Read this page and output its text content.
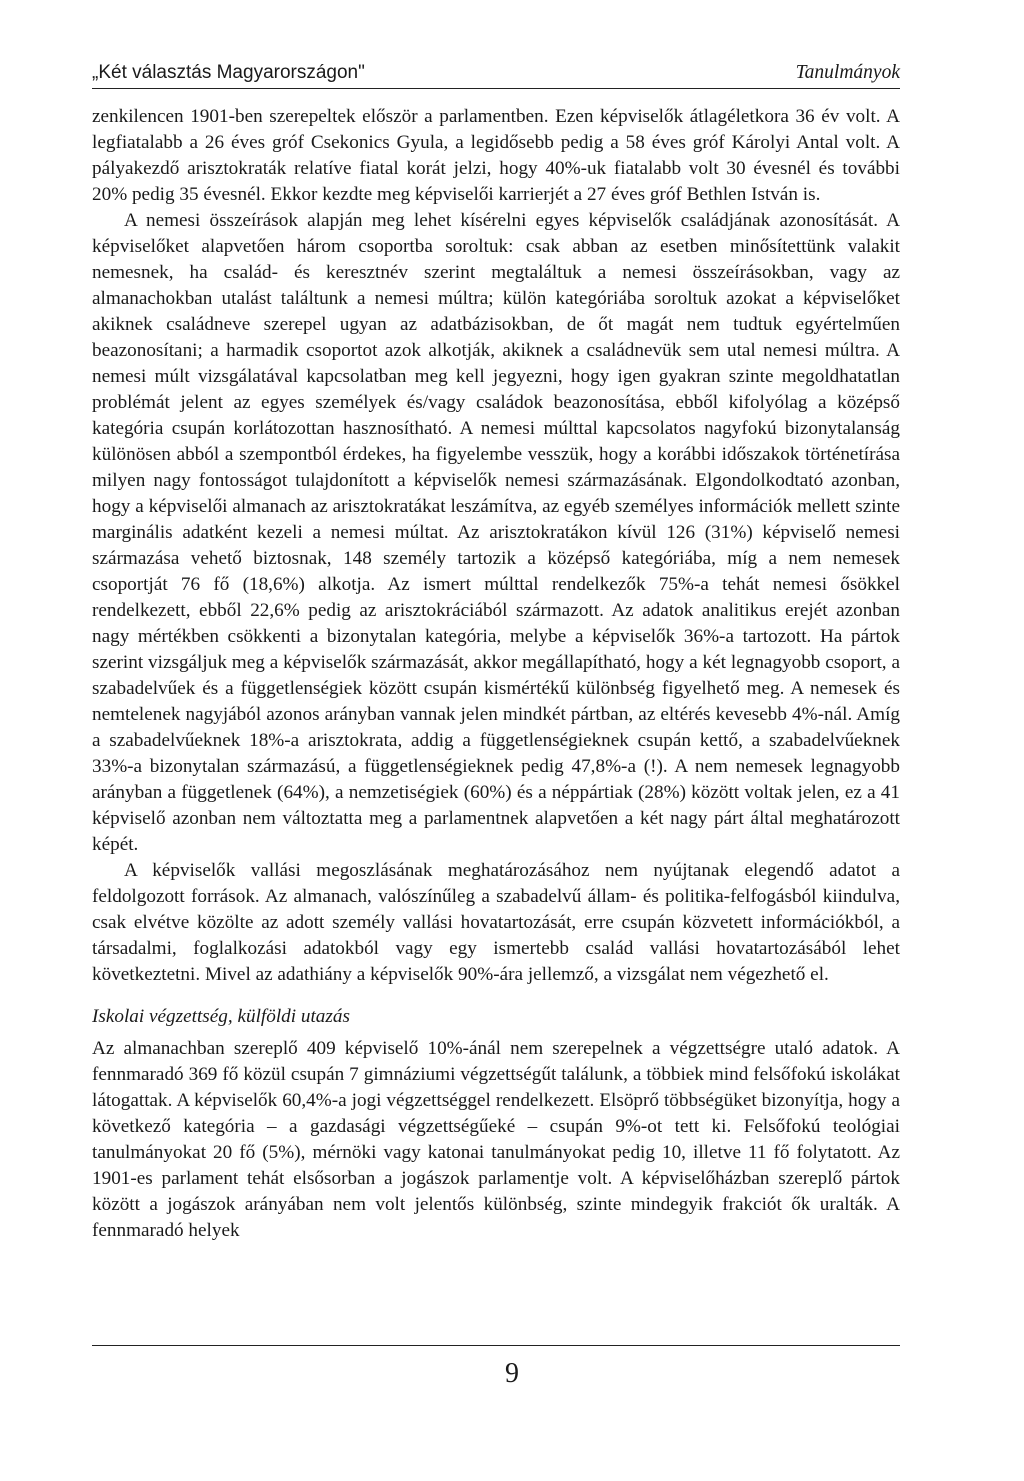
„Két választás Magyarországon"	Tanulmányok

zenkilencen 1901-ben szerepeltek először a parlamentben. Ezen képviselők átlagéletkora 36 év volt. A legfiatalabb a 26 éves gróf Csekonics Gyula, a legidősebb pedig a 58 éves gróf Károlyi Antal volt. A pályakezdő arisztokraták relatíve fiatal korát jelzi, hogy 40%-uk fiatalabb volt 30 évesnél és további 20% pedig 35 évesnél. Ekkor kezdte meg képviselői karrierjét a 27 éves gróf Bethlen István is.

A nemesi összeírások alapján meg lehet kísérelni egyes képviselők családjának azonosítását. A képviselőket alapvetően három csoportba soroltuk: csak abban az esetben minősítettünk valakit nemesnek, ha család- és keresztnév szerint megtaláltuk a nemesi összeírásokban, vagy az almanachokban utalást találtunk a nemesi múltra; külön kategóriába soroltuk azokat a képviselőket akiknek családneve szerepel ugyan az adatbázisokban, de őt magát nem tudtuk egyértelműen beazonosítani; a harmadik csoportot azok alkotják, akiknek a családnevük sem utal nemesi múltra. A nemesi múlt vizsgálatával kapcsolatban meg kell jegyezni, hogy igen gyakran szinte megoldhatatlan problémát jelent az egyes személyek és/vagy családok beazonosítása, ebből kifolyólag a középső kategória csupán korlátozottan hasznosítható. A nemesi múlttal kapcsolatos nagyfokú bizonytalanság különösen abból a szempontból érdekes, ha figyelembe vesszük, hogy a korábbi időszakok történetírása milyen nagy fontosságot tulajdonított a képviselők nemesi származásának. Elgondolkodtató azonban, hogy a képviselői almanach az arisztokratákat leszámítva, az egyéb személyes információk mellett szinte marginális adatként kezeli a nemesi múltat. Az arisztokratákon kívül 126 (31%) képviselő nemesi származása vehető biztosnak, 148 személy tartozik a középső kategóriába, míg a nem nemesek csoportját 76 fő (18,6%) alkotja. Az ismert múlttal rendelkezők 75%-a tehát nemesi ősökkel rendelkezett, ebből 22,6% pedig az arisztokráciából származott. Az adatok analitikus erejét azonban nagy mértékben csökkenti a bizonytalan kategória, melybe a képviselők 36%-a tartozott. Ha pártok szerint vizsgáljuk meg a képviselők származását, akkor megállapítható, hogy a két legnagyobb csoport, a szabadelvűek és a függetlenségiek között csupán kismértékű különbség figyelhető meg. A nemesek és nemtelenek nagyjából azonos arányban vannak jelen mindkét pártban, az eltérés kevesebb 4%-nál. Amíg a szabadelvűeknek 18%-a arisztokrata, addig a függetlenségieknek csupán kettő, a szabadelvűeknek 33%-a bizonytalan származású, a függetlenségieknek pedig 47,8%-a (!). A nem nemesek legnagyobb arányban a függetlenek (64%), a nemzetiségiek (60%) és a néppártiak (28%) között voltak jelen, ez a 41 képviselő azonban nem változtatta meg a parlamentnek alapvetően a két nagy párt által meghatározott képét.

A képviselők vallási megoszlásának meghatározásához nem nyújtanak elegendő adatot a feldolgozott források. Az almanach, valószínűleg a szabadelvű állam- és politika-felfogásból kiindulva, csak elvétve közölte az adott személy vallási hovatartozását, erre csupán közvetett információkból, a társadalmi, foglalkozási adatokból vagy egy ismertebb család vallási hovatartozásából lehet következtetni. Mivel az adathiány a képviselők 90%-ára jellemző, a vizsgálat nem végezhető el.

Iskolai végzettség, külföldi utazás

Az almanachban szereplő 409 képviselő 10%-ánál nem szerepelnek a végzettségre utaló adatok. A fennmaradó 369 fő közül csupán 7 gimnáziumi végzettségűt találunk, a többiek mind felsőfokú iskolákat látogattak. A képviselők 60,4%-a jogi végzettséggel rendelkezett. Elsöprő többségüket bizonyítja, hogy a következő kategória – a gazdasági végzettségűeké – csupán 9%-ot tett ki. Felsőfokú teológiai tanulmányokat 20 fő (5%), mérnöki vagy katonai tanulmányokat pedig 10, illetve 11 fő folytatott. Az 1901-es parlament tehát elsősorban a jogászok parlamentje volt. A képviselőházban szereplő pártok között a jogászok arányában nem volt jelentős különbség, szinte mindegyik frakciót ők uralták. A fennmaradó helyek

9
